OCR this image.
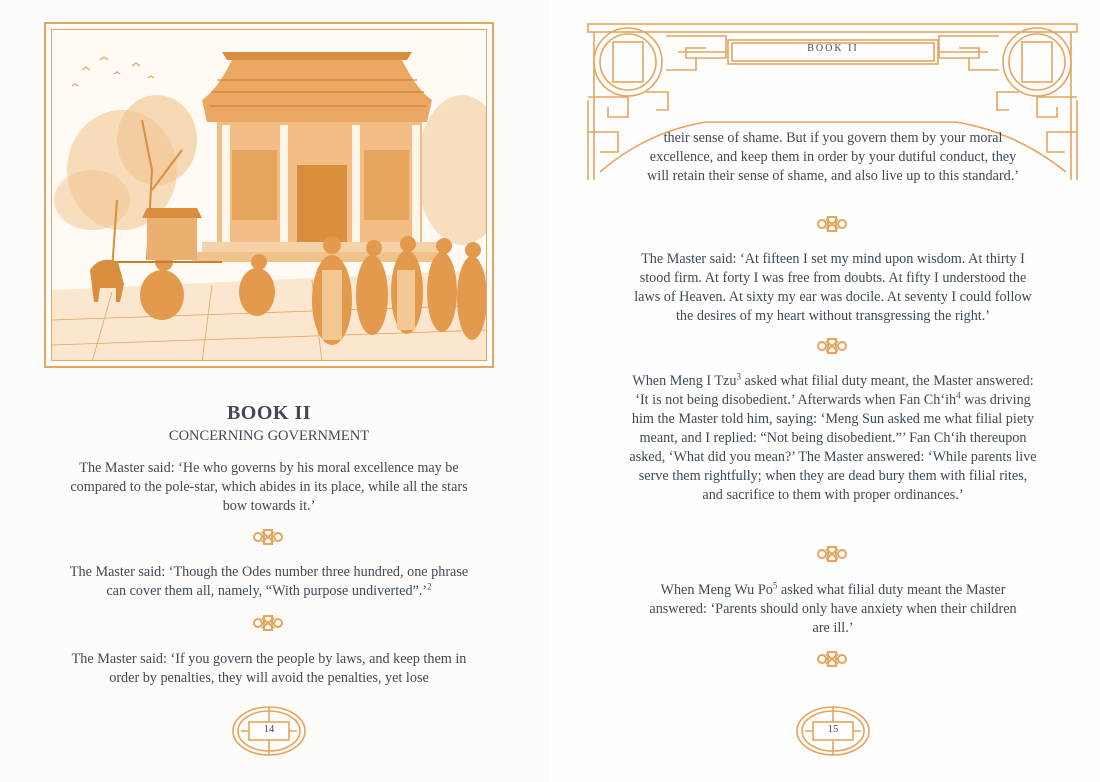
BOOK II
CONCERNING GOVERNMENT
The Master said: ‘He who governs by his moral excellence may be compared to the pole-star, which abides in its place, while all the stars bow towards it.’
The Master said: ‘Though the Odes number three hundred, one phrase can cover them all, namely, “With purpose undiverted”.’$^2$
The Master said: ‘If you govern the people by laws, and keep them in order by penalties, they will avoid the penalties, yet lose
14
BOOK II
their sense of shame. But if you govern them by your moral excellence, and keep them in order by your dutiful conduct, they will retain their sense of shame, and also live up to this standard.’
The Master said: ‘At fifteen I set my mind upon wisdom. At thirty I stood firm. At forty I was free from doubts. At fifty I understood the laws of Heaven. At sixty my ear was docile. At seventy I could follow the desires of my heart without transgressing the right.’
When Meng I Tzu$^3$ asked what filial duty meant, the Master answered: ‘It is not being disobedient.’ Afterwards when Fan $Ch‘ih^4$ was driving him the Master told him, saying: ‘Meng Sun asked me what filial piety meant, and I replied: “Not being disobedient.”’ Fan Ch‘ih thereupon asked, ‘What did you mean?’ The Master answered: ‘While parents live serve them rightfully; when they are dead bury them with filial rites, and sacrifice to them with proper ordinances.’
When Meng Wu Po$^5$ asked what filial duty meant the Master answered: ‘Parents should only have anxiety when their children are ill.’
15
